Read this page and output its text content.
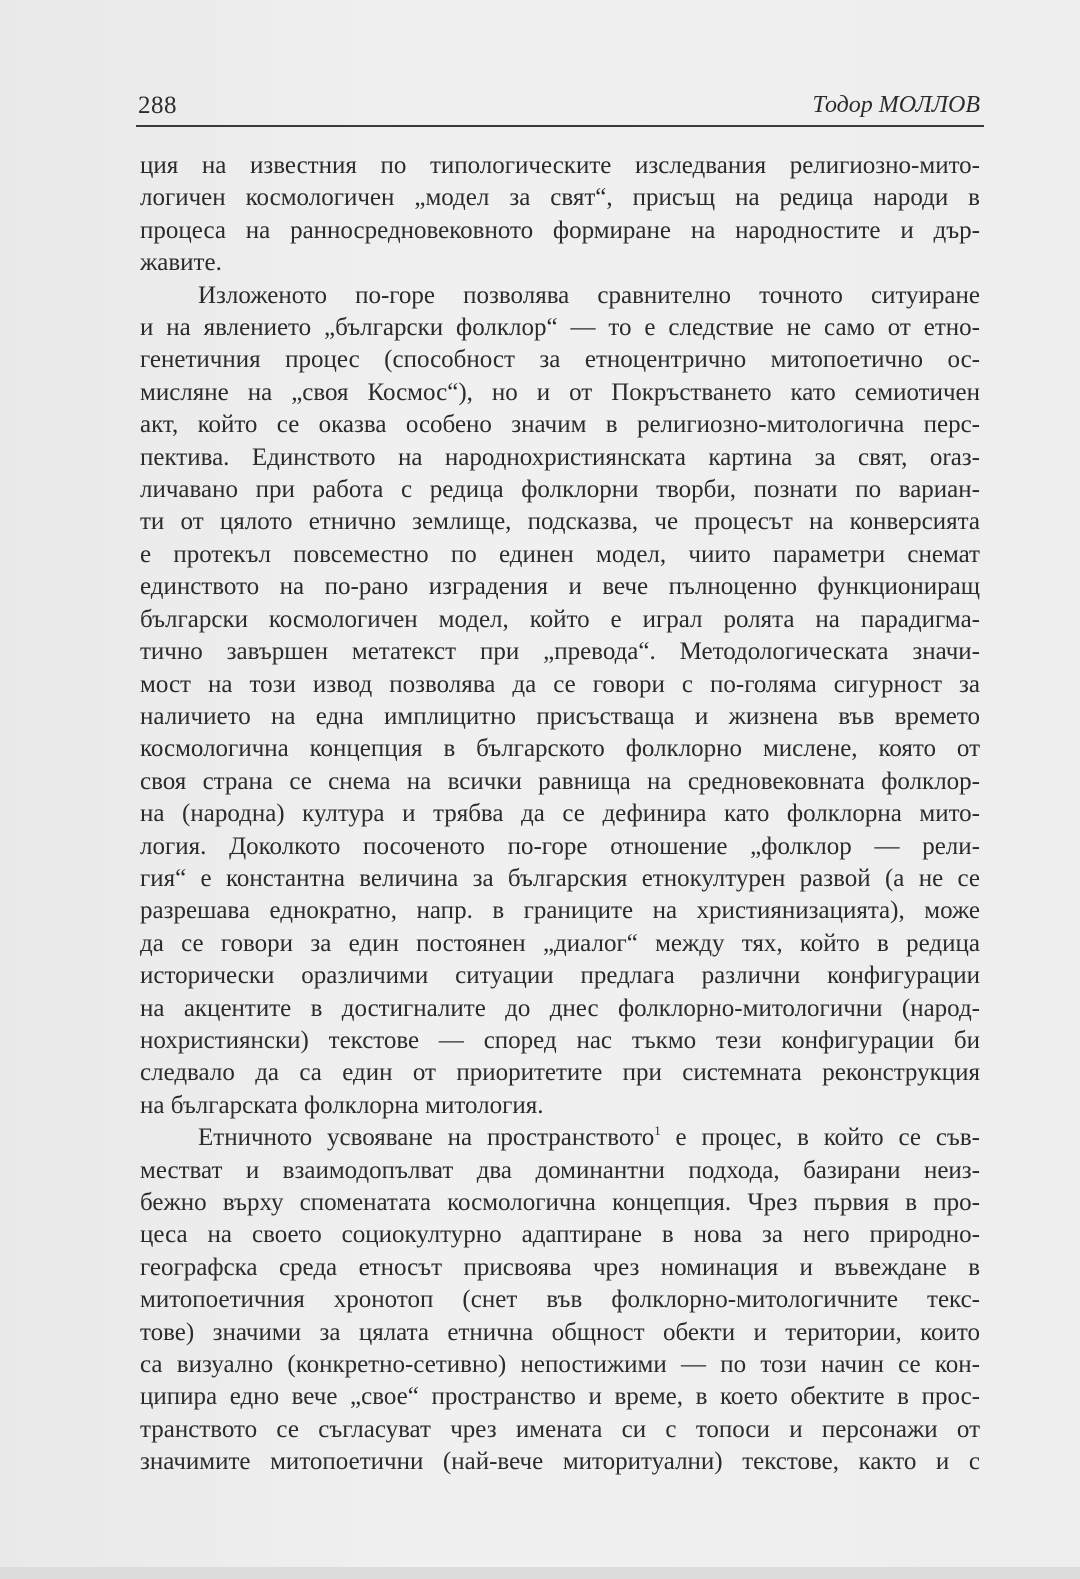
288	Тодор МОЛЛОВ

ция на известния по типологическите изследвания религиозно-мито-

логичен космологичен „модел за свят“, присъщ на редица народи в

процеса на ранносредновековното формиране на народностите и дър-

жавите.

Изложеното по-горе позволява сравнително точното ситуиране

и на явлението „български фолклор“ — то е следствие не само от етно-

генетичния процес (способност за етноцентрично митопоетично ос-

мисляне на „своя Космос“), но и от Покръстването като семиотичен

акт, който се оказва особено значим в религиозно-митологична перс-

пектива. Единството на народнохристиянската картина за свят, оraз-

личавано при работа с редица фолклорни творби, познати по вариан-

ти от цялото етнично землище, подсказва, че процесът на конверсията

е протекъл повсеместно по единен модел, чиито параметри снемат

единството на по-рано изградения и вече пълноценно функциониращ

български космологичен модел, който е играл ролята на парадигма-

тично завършен метатекст при „превода“. Методологическата значи-

мост на този извод позволява да се говори с по-голяма сигурност за

наличието на една имплицитно присъстваща и жизнена във времето

космологична концепция в българското фолклорно мислене, която от

своя страна се снема на всички равнища на средновековната фолклор-

на (народна) култура и трябва да се дефинира като фолклорна мито-

логия. Доколкото посоченото по-горе отношение „фолклор — рели-

гия“ е константна величина за българския етнокултурен развой (а не се

разрешава еднократно, напр. в границите на християнизацията), може

да се говори за един постоянен „диалог“ между тях, който в редица

исторически оразличими ситуации предлага различни конфигурации

на акцентите в достигналите до днес фолклорно-митологични (народ-

нохристиянски) текстове — според нас тъкмо тези конфигурации би

следвало да са един от приоритетите при системната реконструкция

на българската фолклорна митология.

Етничното усвояване на пространството$^1$ е процес, в който се съв-

местват и взаимодопълват два доминантни подхода, базирани неиз-

бежно върху споменатата космологична концепция. Чрез първия в про-

цеса на своето социокултурно адаптиране в нова за него природно-

географска среда етносът присвоява чрез номинация и въвеждане в

митопоетичния хронотоп (снет във фолклорно-митологичните текс-

тове) значими за цялата етнична общност обекти и територии, които

са визуално (конкретно-сетивно) непостижими — по този начин се кон-

ципира едно вече „свое“ пространство и време, в което обектите в прос-

транството се съгласуват чрез имената си с топоси и персонажи от

значимите митопоетични (най-вече миторитуални) текстове, както и с
